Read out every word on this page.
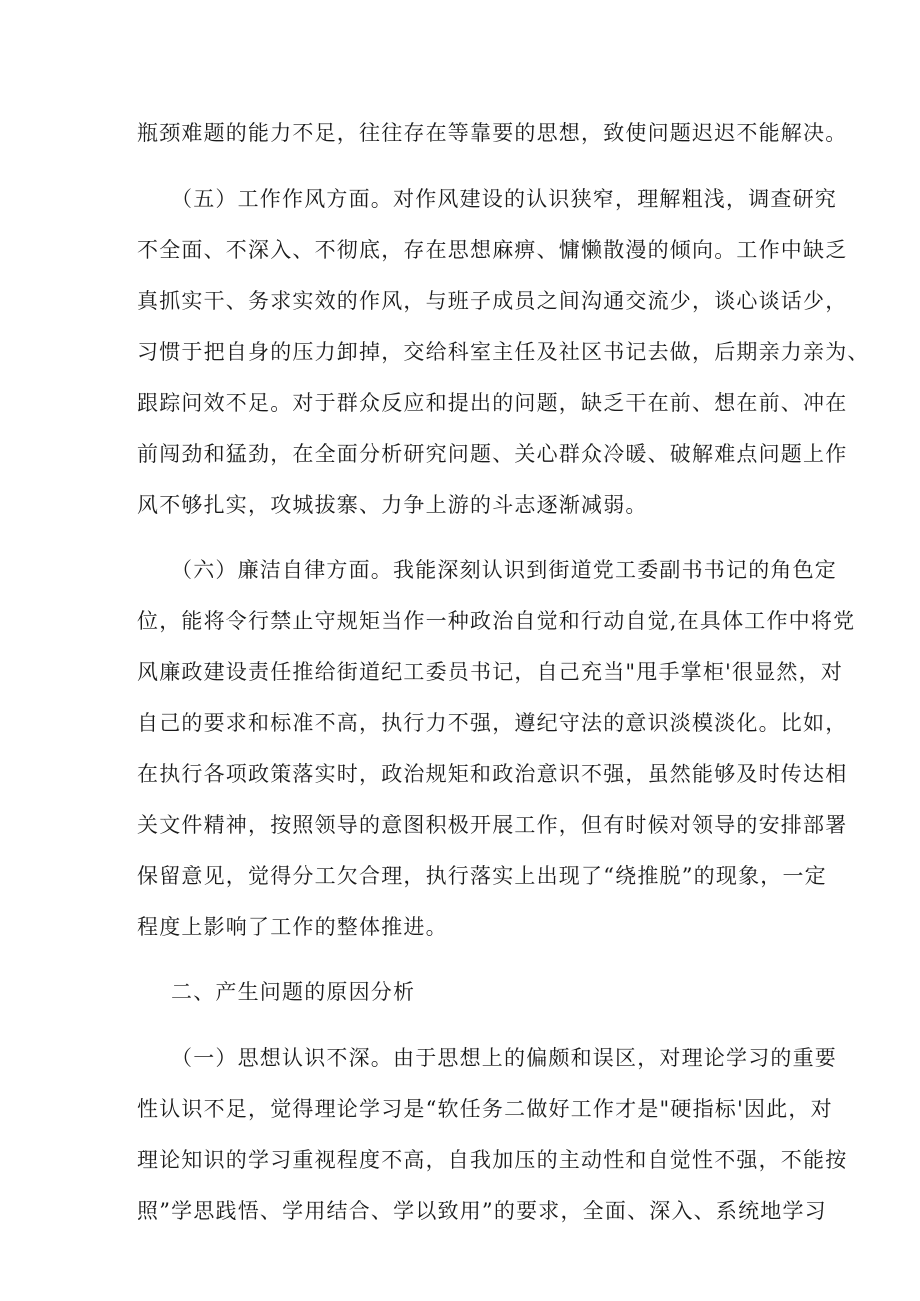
瓶颈难题的能力不足，往往存在等靠要的思想，致使问题迟迟不能解决。
（五）工作作风方面。对作风建设的认识狭窄，理解粗浅，调查研究
不全面、不深入、不彻底，存在思想麻痹、慵懒散漫的倾向。工作中缺乏
真抓实干、务求实效的作风，与班子成员之间沟通交流少，谈心谈话少，
习惯于把自身的压力卸掉，交给科室主任及社区书记去做，后期亲力亲为、
跟踪问效不足。对于群众反应和提出的问题，缺乏干在前、想在前、冲在
前闯劲和猛劲，在全面分析研究问题、关心群众冷暖、破解难点问题上作
风不够扎实，攻城拔寨、力争上游的斗志逐渐减弱。
（六）廉洁自律方面。我能深刻认识到街道党工委副书书记的角色定
位，能将令行禁止守规矩当作一种政治自觉和行动自觉,在具体工作中将党
风廉政建设责任推给街道纪工委员书记，自己充当"甩手掌柜'很显然，对
自己的要求和标准不高，执行力不强，遵纪守法的意识淡模淡化。比如，
在执行各项政策落实时，政治规矩和政治意识不强，虽然能够及时传达相
关文件精神，按照领导的意图积极开展工作，但有时候对领导的安排部署
保留意见，觉得分工欠合理，执行落实上出现了“绕推脱”的现象，一定
程度上影响了工作的整体推进。
二、产生问题的原因分析
（一）思想认识不深。由于思想上的偏颇和误区，对理论学习的重要
性认识不足，觉得理论学习是“软任务二做好工作才是"硬指标'因此，对
理论知识的学习重视程度不高，自我加压的主动性和自觉性不强，不能按
照”学思践悟、学用结合、学以致用”的要求，全面、深入、系统地学习
